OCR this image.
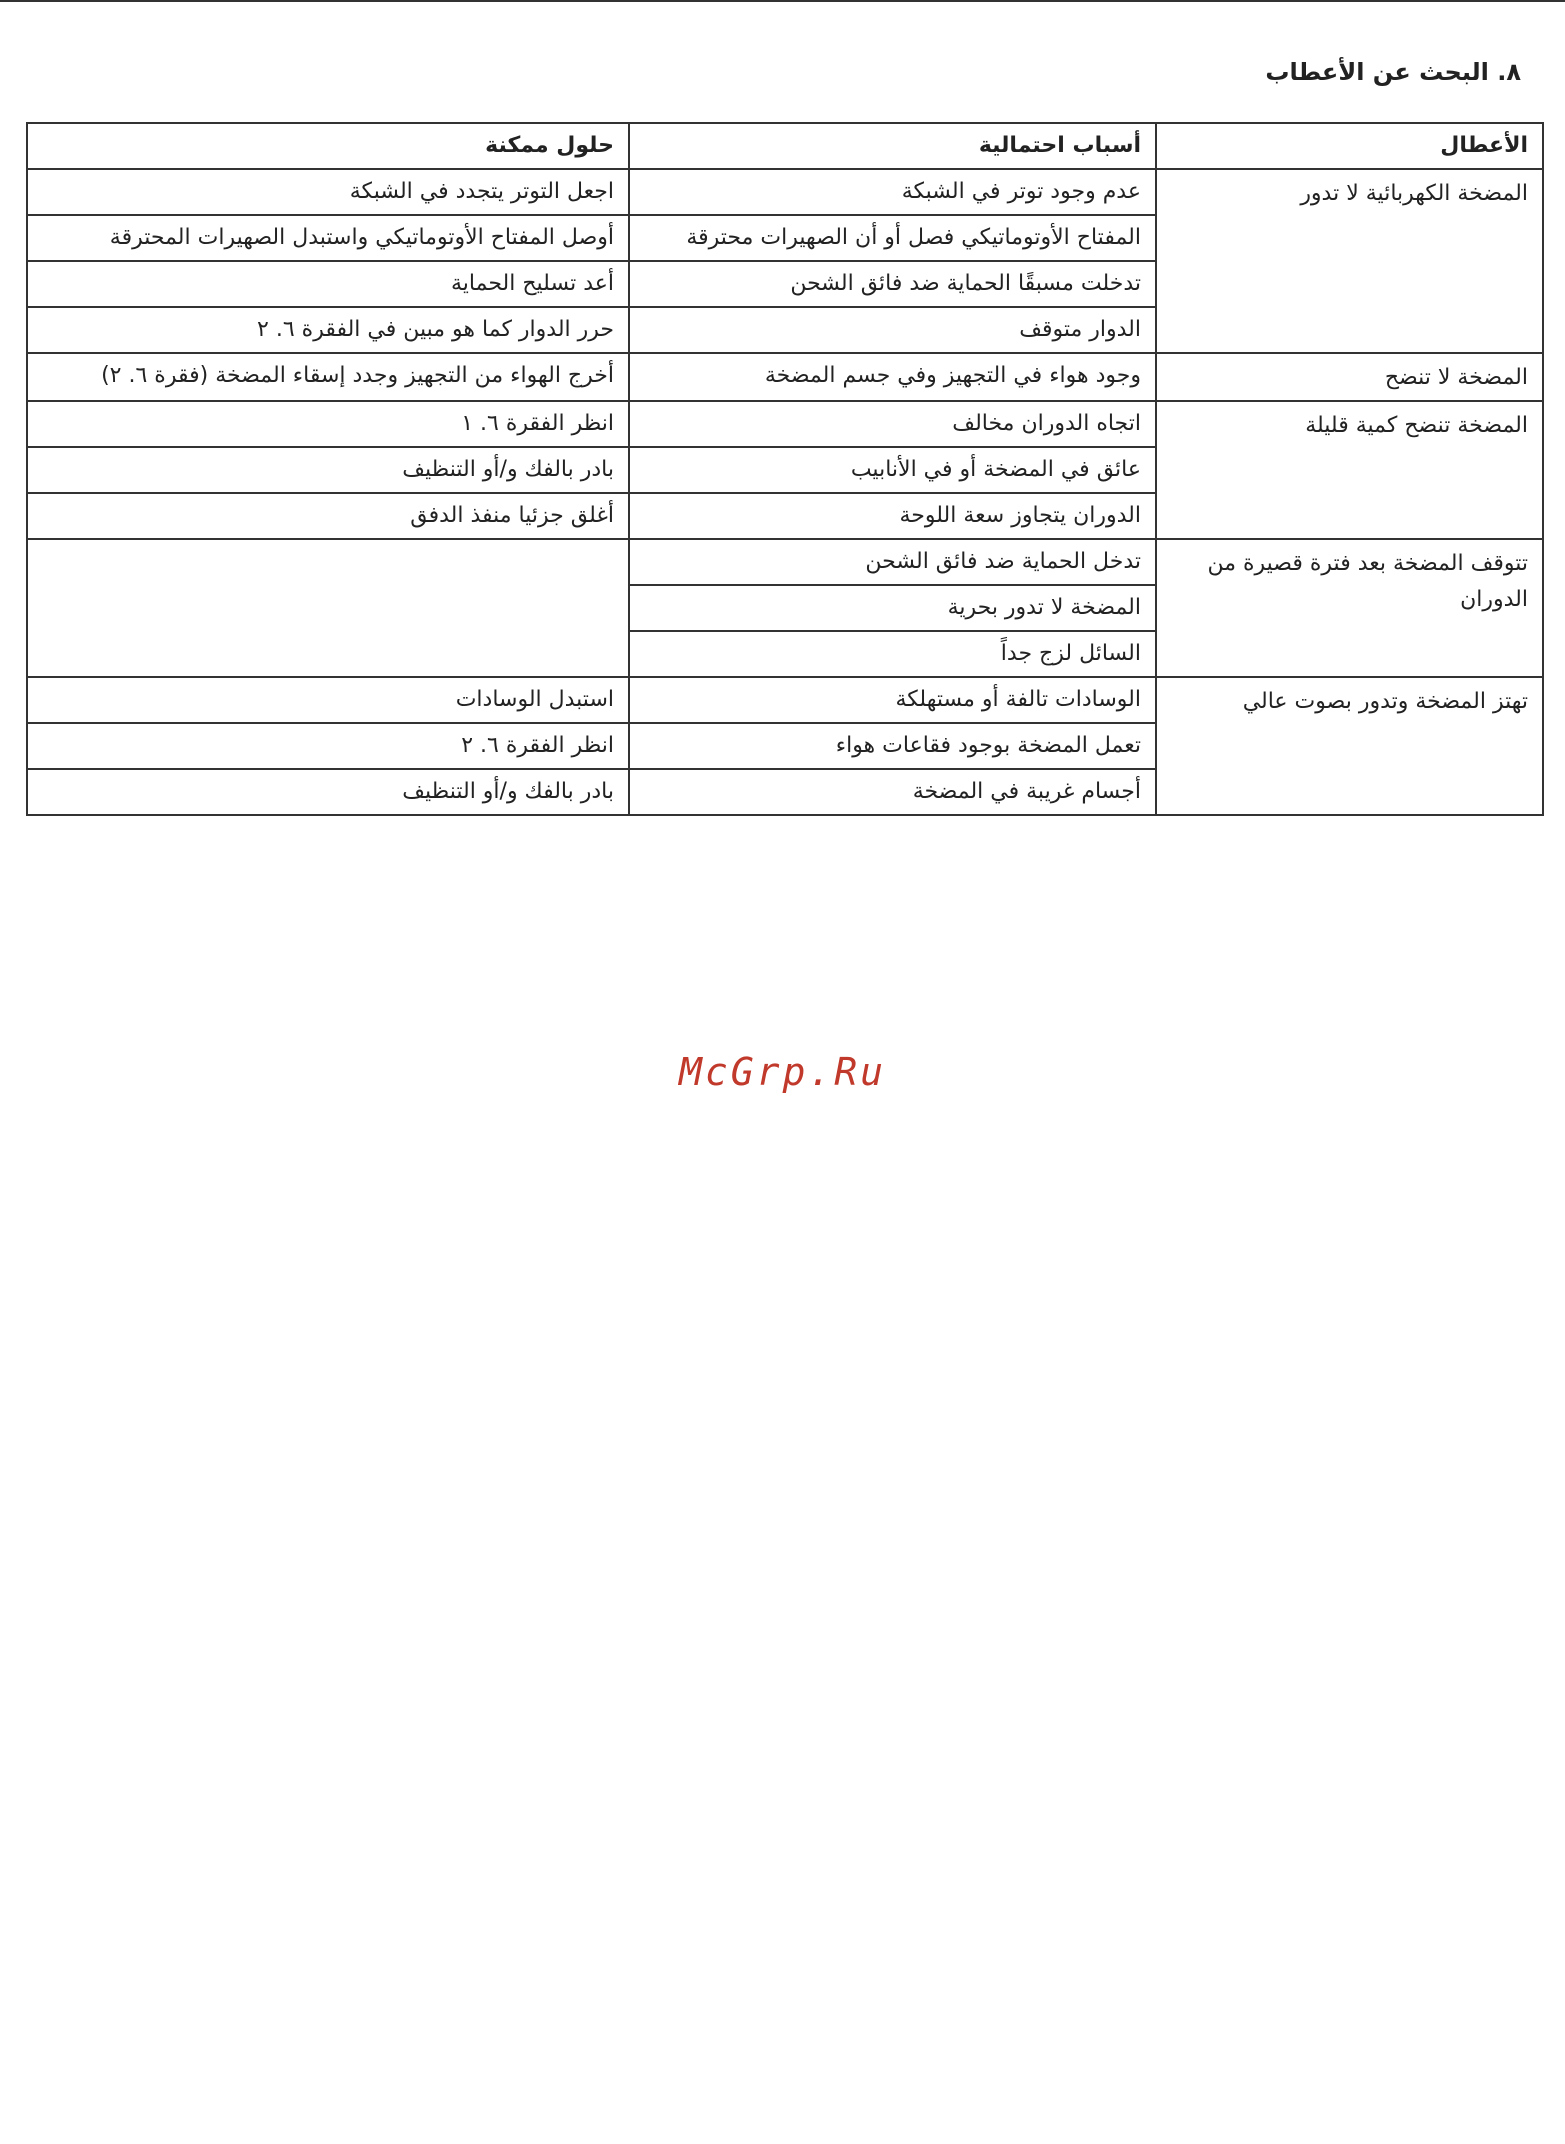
٨. البحث عن الأعطاب
الأعطال	أسباب احتمالية	حلول ممكنة
المضخة الكهربائية لا تدور	عدم وجود توتر في الشبكة	اجعل التوتر يتجدد في الشبكة
	المفتاح الأوتوماتيكي فصل أو أن الصهيرات محترقة	أوصل المفتاح الأوتوماتيكي واستبدل الصهيرات المحترقة
	تدخلت مسبقًا الحماية ضد فائق الشحن	أعد تسليح الحماية
	الدوار متوقف	حرر الدوار كما هو مبين في الفقرة ٦. ٢
المضخة لا تنضح	وجود هواء في التجهيز وفي جسم المضخة	أخرج الهواء من التجهيز وجدد إسقاء المضخة (فقرة ٦. ٢)
المضخة تنضح كمية قليلة	اتجاه الدوران مخالف	انظر الفقرة ٦. ١
	عائق في المضخة أو في الأنابيب	بادر بالفك و/أو التنظيف
	الدوران يتجاوز سعة اللوحة	أغلق جزئيا منفذ الدفق
تتوقف المضخة بعد فترة قصيرة من الدوران	تدخل الحماية ضد فائق الشحن	
	المضخة لا تدور بحرية	
	السائل لزج جداً	
تهتز المضخة وتدور بصوت عالي	الوسادات تالفة أو مستهلكة	استبدل الوسادات
	تعمل المضخة بوجود فقاعات هواء	انظر الفقرة ٦. ٢
	أجسام غريبة في المضخة	بادر بالفك و/أو التنظيف
McGrp.Ru
